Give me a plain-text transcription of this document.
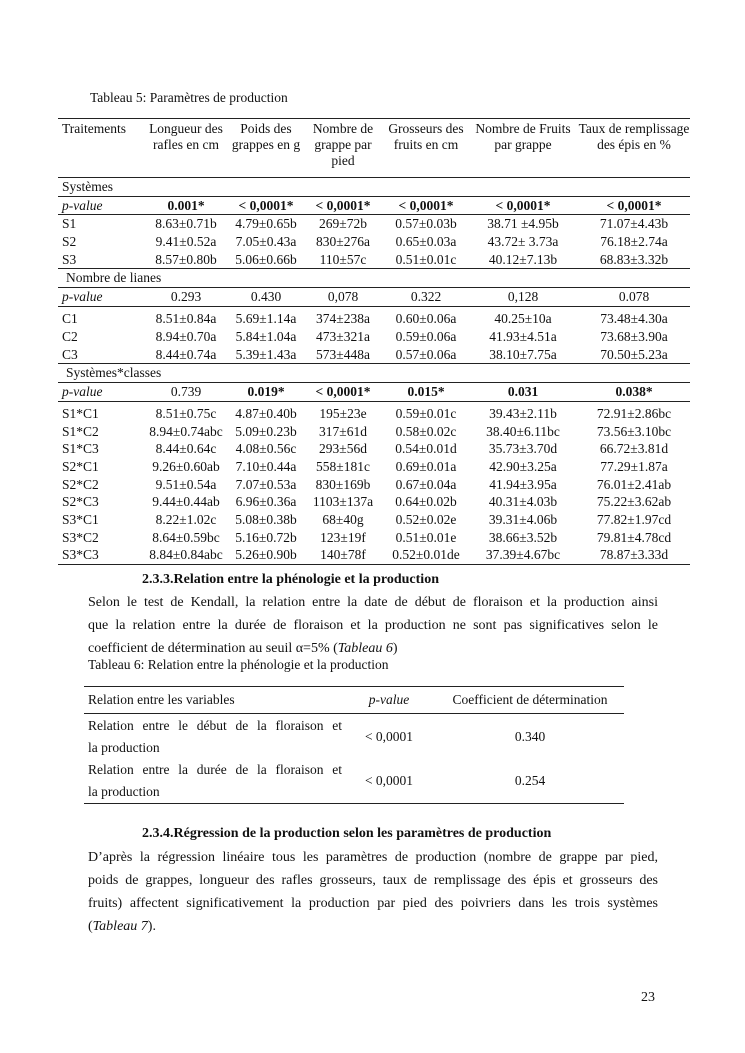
Tableau 5: Paramètres de production
Traitements	Longueur des rafles en cm	Poids des grappes en g	Nombre de grappe par pied	Grosseurs des fruits en cm	Nombre de Fruits par grappe	Taux de remplissage des épis en %
Systèmes						
p-value	0.001*	< 0,0001*	< 0,0001*	< 0,0001*	< 0,0001*	< 0,0001*
S1	8.63±0.71b	4.79±0.65b	269±72b	0.57±0.03b	38.71 ±4.95b	71.07±4.43b
S2	9.41±0.52a	7.05±0.43a	830±276a	0.65±0.03a	43.72± 3.73a	76.18±2.74a
S3	8.57±0.80b	5.06±0.66b	110±57c	0.51±0.01c	40.12±7.13b	68.83±3.32b
Nombre de lianes						
p-value	0.293	0.430	0,078	0.322	0,128	0.078
C1	8.51±0.84a	5.69±1.14a	374±238a	0.60±0.06a	40.25±10a	73.48±4.30a
C2	8.94±0.70a	5.84±1.04a	473±321a	0.59±0.06a	41.93±4.51a	73.68±3.90a
C3	8.44±0.74a	5.39±1.43a	573±448a	0.57±0.06a	38.10±7.75a	70.50±5.23a
Systèmes*classes						
p-value	0.739	0.019*	< 0,0001*	0.015*	0.031	0.038*
S1*C1	8.51±0.75c	4.87±0.40b	195±23e	0.59±0.01c	39.43±2.11b	72.91±2.86bc
S1*C2	8.94±0.74abc	5.09±0.23b	317±61d	0.58±0.02c	38.40±6.11bc	73.56±3.10bc
S1*C3	8.44±0.64c	4.08±0.56c	293±56d	0.54±0.01d	35.73±3.70d	66.72±3.81d
S2*C1	9.26±0.60ab	7.10±0.44a	558±181c	0.69±0.01a	42.90±3.25a	77.29±1.87a
S2*C2	9.51±0.54a	7.07±0.53a	830±169b	0.67±0.04a	41.94±3.95a	76.01±2.41ab
S2*C3	9.44±0.44ab	6.96±0.36a	1103±137a	0.64±0.02b	40.31±4.03b	75.22±3.62ab
S3*C1	8.22±1.02c	5.08±0.38b	68±40g	0.52±0.02e	39.31±4.06b	77.82±1.97cd
S3*C2	8.64±0.59bc	5.16±0.72b	123±19f	0.51±0.01e	38.66±3.52b	79.81±4.78cd
S3*C3	8.84±0.84abc	5.26±0.90b	140±78f	0.52±0.01de	37.39±4.67bc	78.87±3.33d
2.3.3.Relation entre la phénologie et la production
Selon le test de Kendall, la relation entre la date de début de floraison et la production ainsi
que la relation entre la durée de floraison et la production ne sont pas significatives selon le
coefficient de détermination au seuil α=5% (Tableau 6)
Tableau 6: Relation entre la phénologie et la production
Relation entre les variables	p-value	Coefficient de détermination

Relation entre le début de la floraison et
la production	< 0,0001	0.340

Relation entre la durée de la floraison et
la production	< 0,0001	0.254
2.3.4.Régression de la production selon les paramètres de production
D’après la régression linéaire tous les paramètres de production (nombre de grappe par pied,
poids de grappes, longueur des rafles grosseurs, taux de remplissage des épis et grosseurs des
fruits) affectent significativement la production par pied des poivriers dans les trois systèmes
(Tableau 7).
23
